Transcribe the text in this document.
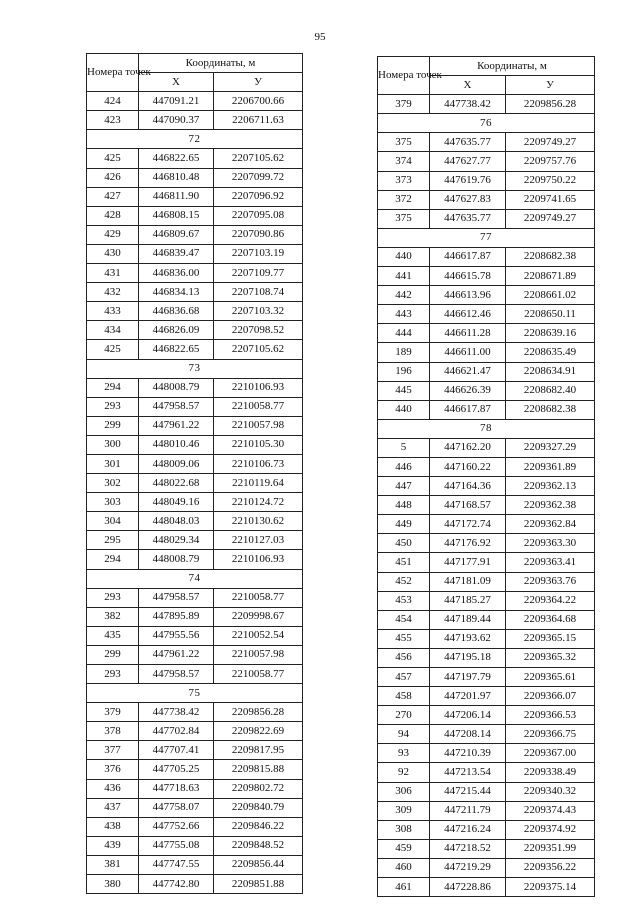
95
Номера точек	Координаты, м	
	X	У
424	447091.21	2206700.66
423	447090.37	2206711.63
72		
425	446822.65	2207105.62
426	446810.48	2207099.72
427	446811.90	2207096.92
428	446808.15	2207095.08
429	446809.67	2207090.86
430	446839.47	2207103.19
431	446836.00	2207109.77
432	446834.13	2207108.74
433	446836.68	2207103.32
434	446826.09	2207098.52
425	446822.65	2207105.62
73		
294	448008.79	2210106.93
293	447958.57	2210058.77
299	447961.22	2210057.98
300	448010.46	2210105.30
301	448009.06	2210106.73
302	448022.68	2210119.64
303	448049.16	2210124.72
304	448048.03	2210130.62
295	448029.34	2210127.03
294	448008.79	2210106.93
74		
293	447958.57	2210058.77
382	447895.89	2209998.67
435	447955.56	2210052.54
299	447961.22	2210057.98
293	447958.57	2210058.77
75		
379	447738.42	2209856.28
378	447702.84	2209822.69
377	447707.41	2209817.95
376	447705.25	2209815.88
436	447718.63	2209802.72
437	447758.07	2209840.79
438	447752.66	2209846.22
439	447755.08	2209848.52
381	447747.55	2209856.44
380	447742.80	2209851.88
Номера точек	Координаты, м	
	X	У
379	447738.42	2209856.28
76		
375	447635.77	2209749.27
374	447627.77	2209757.76
373	447619.76	2209750.22
372	447627.83	2209741.65
375	447635.77	2209749.27
77		
440	446617.87	2208682.38
441	446615.78	2208671.89
442	446613.96	2208661.02
443	446612.46	2208650.11
444	446611.28	2208639.16
189	446611.00	2208635.49
196	446621.47	2208634.91
445	446626.39	2208682.40
440	446617.87	2208682.38
78		
5	447162.20	2209327.29
446	447160.22	2209361.89
447	447164.36	2209362.13
448	447168.57	2209362.38
449	447172.74	2209362.84
450	447176.92	2209363.30
451	447177.91	2209363.41
452	447181.09	2209363.76
453	447185.27	2209364.22
454	447189.44	2209364.68
455	447193.62	2209365.15
456	447195.18	2209365.32
457	447197.79	2209365.61
458	447201.97	2209366.07
270	447206.14	2209366.53
94	447208.14	2209366.75
93	447210.39	2209367.00
92	447213.54	2209338.49
306	447215.44	2209340.32
309	447211.79	2209374.43
308	447216.24	2209374.92
459	447218.52	2209351.99
460	447219.29	2209356.22
461	447228.86	2209375.14
